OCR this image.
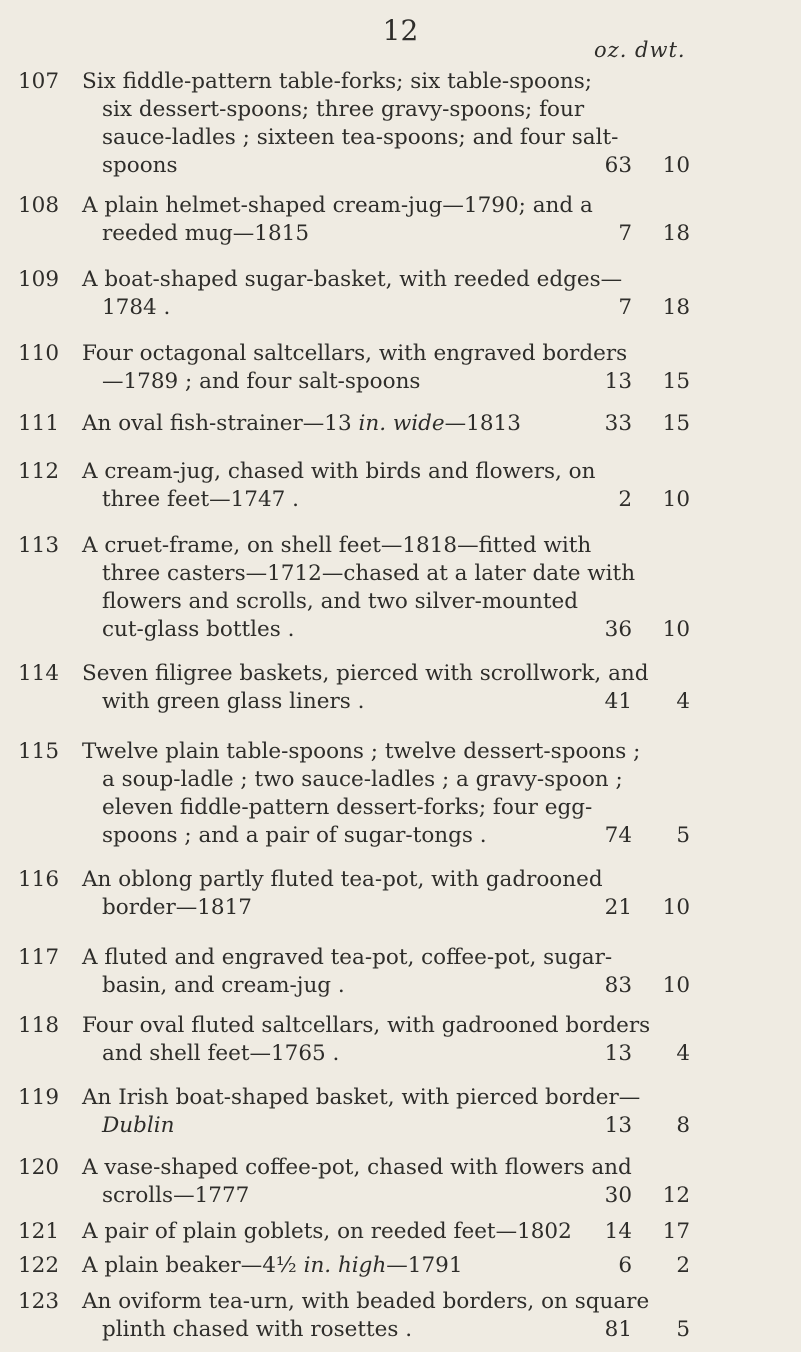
12
oz. dwt.
107 Six fiddle-pattern table-forks; six table-spoons;
six dessert-spoons; three gravy-spoons; four
sauce-ladles ; sixteen tea-spoons; and four salt-
spoons	63	10
108 A plain helmet-shaped cream-jug—1790; and a
reeded mug—1815	7	18
109 A boat-shaped sugar-basket, with reeded edges—
1784 .	7	18
110 Four octagonal saltcellars, with engraved borders
—1789 ; and four salt-spoons	13	15
111 An oval fish-strainer—13 in. wide—1813	33	15
112 A cream-jug, chased with birds and flowers, on
three feet—1747 .	2	10
113 A cruet-frame, on shell feet—1818—fitted with
three casters—1712—chased at a later date with
flowers and scrolls, and two silver-mounted
cut-glass bottles .	36	10
114 Seven filigree baskets, pierced with scrollwork, and
with green glass liners .	41	4
115 Twelve plain table-spoons ; twelve dessert-spoons ;
a soup-ladle ; two sauce-ladles ; a gravy-spoon ;
eleven fiddle-pattern dessert-forks; four egg-
spoons ; and a pair of sugar-tongs .	74	5
116 An oblong partly fluted tea-pot, with gadrooned
border—1817	21	10
117 A fluted and engraved tea-pot, coffee-pot, sugar-
basin, and cream-jug .	83	10
118 Four oval fluted saltcellars, with gadrooned borders
and shell feet—1765 .	13	4
119 An Irish boat-shaped basket, with pierced border—
Dublin	13	8
120 A vase-shaped coffee-pot, chased with flowers and
scrolls—1777	30	12
121 A pair of plain goblets, on reeded feet—1802	14	17
122 A plain beaker—4½ in. high—1791	6	2
123 An oviform tea-urn, with beaded borders, on square
plinth chased with rosettes .	81	5
